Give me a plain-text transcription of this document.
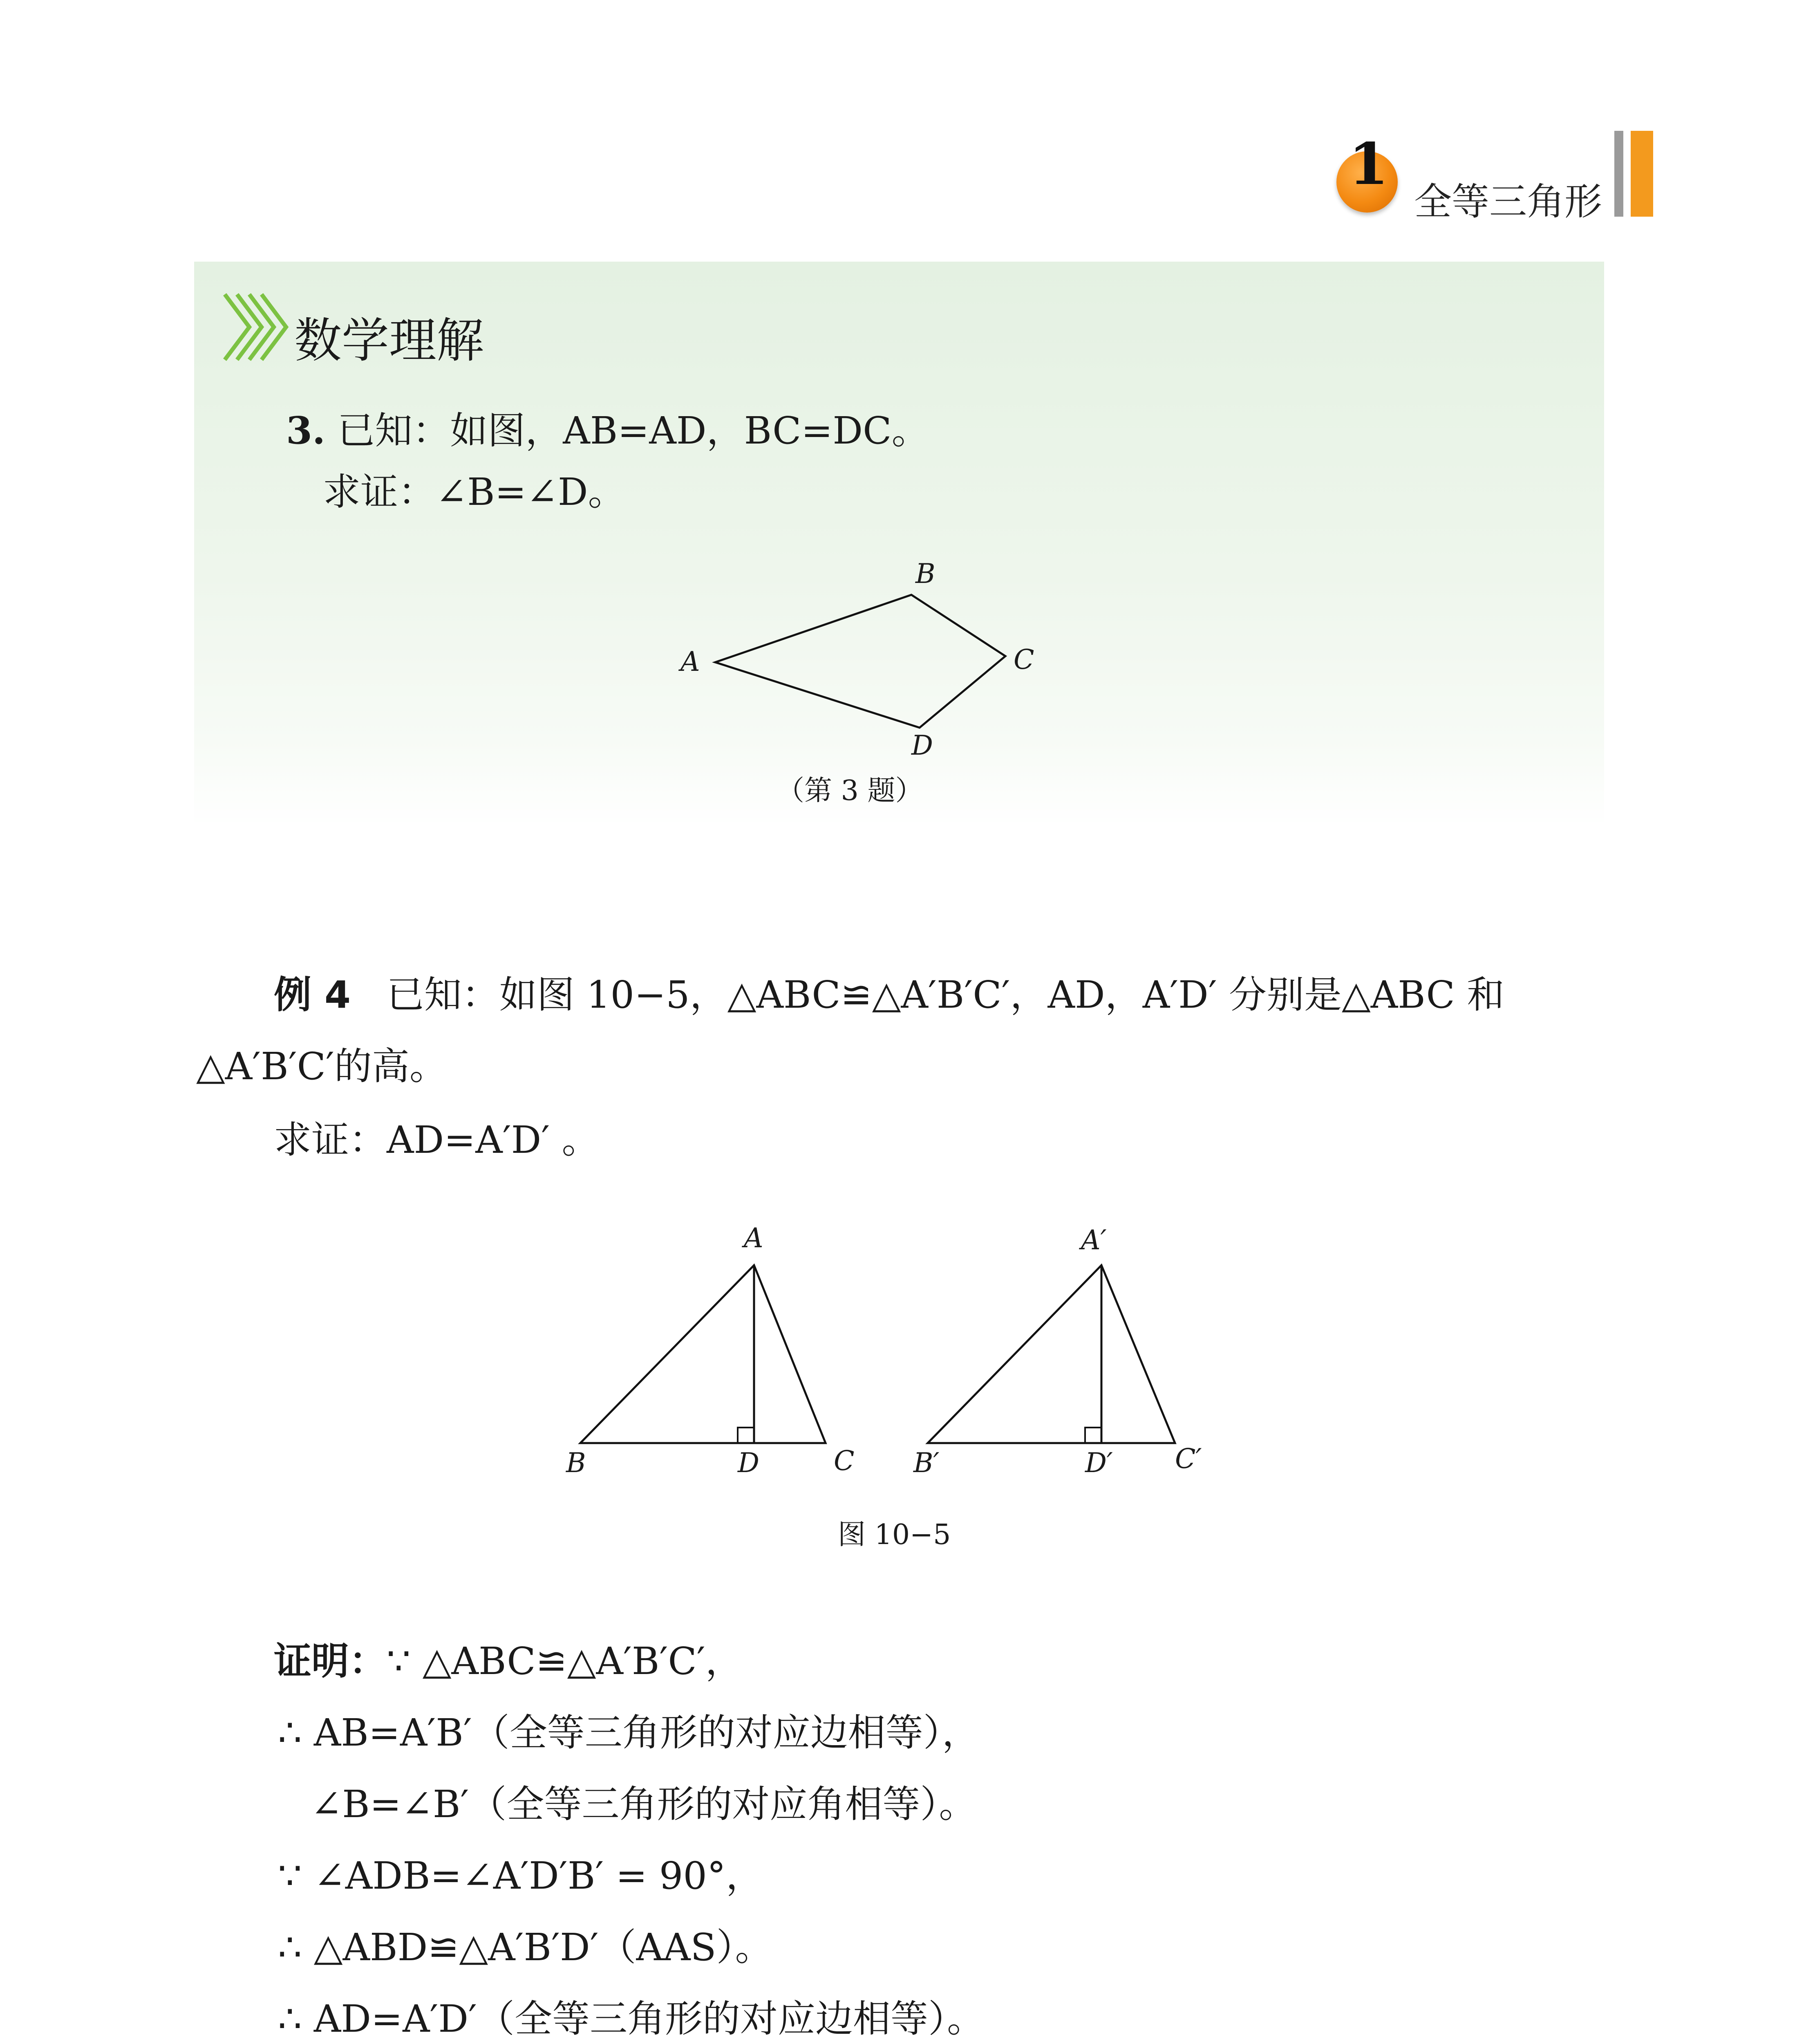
1
全等三角形
数学理解
3. 已知：如图，AB=AD，BC=DC。
求证：∠B=∠D。
A
B
C
D
（第 3 题）
例 4 已知：如图 10−5，△ABC≌△A′B′C′，AD，A′D′ 分别是△ABC 和
△A′B′C′的高。
求证：AD=A′D′ 。
A
B	C
D
A′
B′	C′
D′
图 10−5
证明：∵ △ABC≌△A′B′C′，
∴ AB=A′B′（全等三角形的对应边相等），
∠B=∠B′（全等三角形的对应角相等）。
∵ ∠ADB=∠A′D′B′ = 90°，
∴ △ABD≌△A′B′D′（AAS）。
∴ AD=A′D′（全等三角形的对应边相等）。
